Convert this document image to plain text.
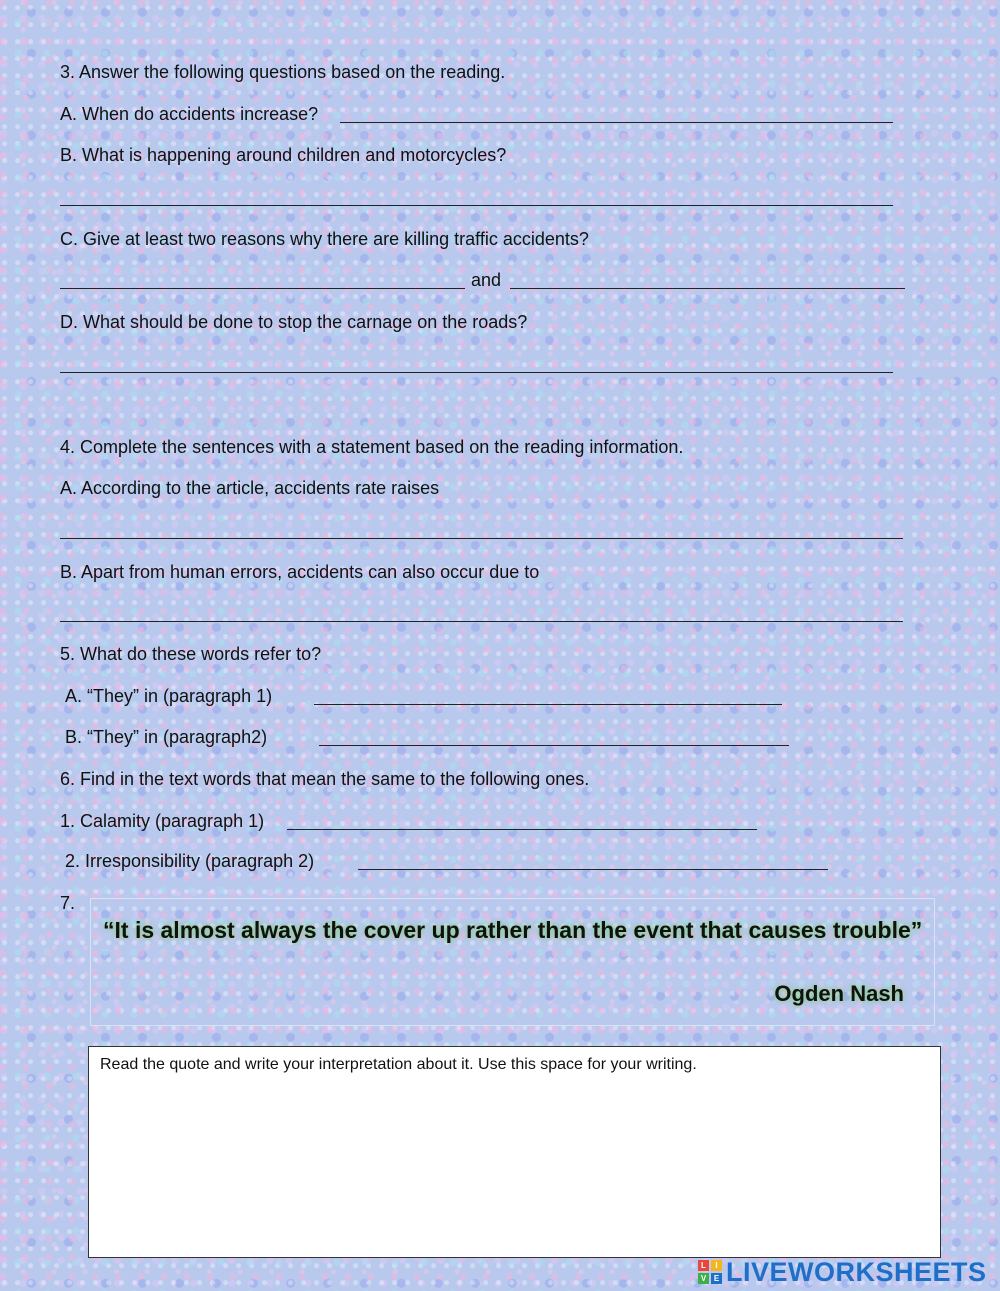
3. Answer the following questions based on the reading.
A. When do accidents increase?
B. What is happening around children and motorcycles?
C. Give at least two reasons why there are killing traffic accidents?
and
D. What should be done to stop the carnage on the roads?
4. Complete the sentences with a statement based on the reading information.
A. According to the article, accidents rate raises
B. Apart from human errors, accidents can also occur due to
5. What do these words refer to?
A. “They” in (paragraph 1)
B. “They” in (paragraph2)
6. Find in the text words that mean the same to the following ones.
1. Calamity (paragraph 1)
2. Irresponsibility (paragraph 2)
7.
“It is almost always the cover up rather than the event that causes trouble”
Ogden Nash
Read the quote and write your interpretation about it. Use this space for your writing.
L	I
V E LIVEWORKSHEETS
